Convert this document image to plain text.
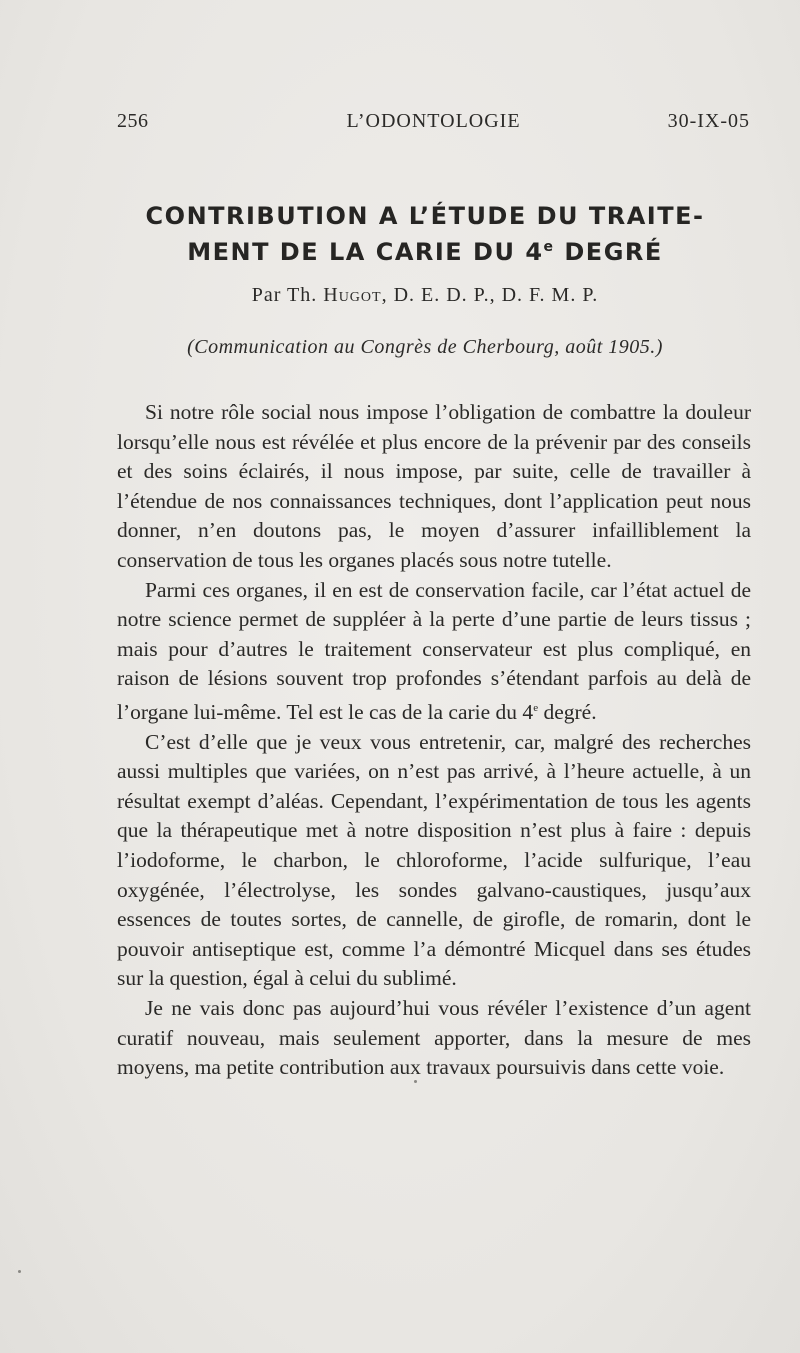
256	L’ODONTOLOGIE	30-IX-05
CONTRIBUTION A L’ÉTUDE DU TRAITE-
MENT DE LA CARIE DU 4e DEGRÉ
Par Th. Hugot, D. E. D. P., D. F. M. P.
(Communication au Congrès de Cherbourg, août 1905.)

Si notre rôle social nous impose l’obligation de combattre la douleur lorsqu’elle nous est révélée et plus encore de la prévenir par des conseils et des soins éclairés, il nous impose, par suite, celle de travailler à l’étendue de nos connaissances techniques, dont l’application peut nous donner, n’en doutons pas, le moyen d’assurer infailliblement la conservation de tous les organes placés sous notre tutelle.

Parmi ces organes, il en est de conservation facile, car l’état actuel de notre science permet de suppléer à la perte d’une partie de leurs tissus ; mais pour d’autres le traitement conservateur est plus compliqué, en raison de lésions souvent trop profondes s’étendant parfois au delà de l’organe lui-même. Tel est le cas de la carie du 4e degré.

C’est d’elle que je veux vous entretenir, car, malgré des recherches aussi multiples que variées, on n’est pas arrivé, à l’heure actuelle, à un résultat exempt d’aléas. Cependant, l’expérimentation de tous les agents que la thérapeutique met à notre disposition n’est plus à faire : depuis l’iodoforme, le charbon, le chloroforme, l’acide sulfurique, l’eau oxygénée, l’électrolyse, les sondes galvano-caustiques, jusqu’aux essences de toutes sortes, de cannelle, de girofle, de romarin, dont le pouvoir antiseptique est, comme l’a démontré Micquel dans ses études sur la question, égal à celui du sublimé.

Je ne vais donc pas aujourd’hui vous révéler l’existence d’un agent curatif nouveau, mais seulement apporter, dans la mesure de mes moyens, ma petite contribution aux travaux poursuivis dans cette voie.
